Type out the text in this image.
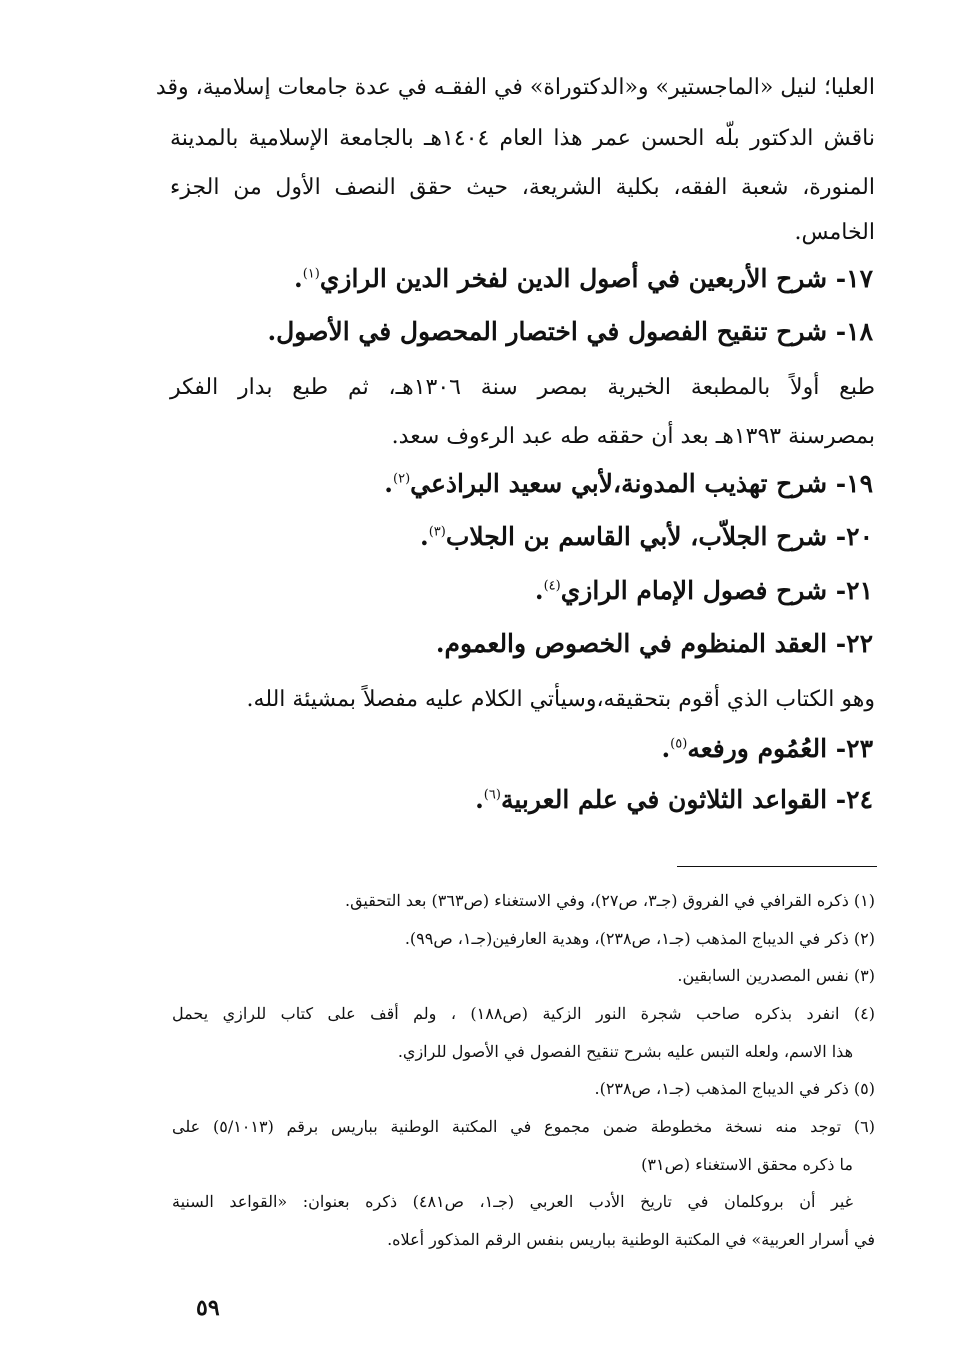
العليا؛ لنيل «الماجستير» و«الدكتوراة» في الفقـه في عدة جامعات إسلامية، وقد
ناقش الدكتور بلّه الحسن عمر هذا العام ١٤٠٤هـ بالجامعة الإسلامية بالمدينة
المنورة، شعبة الفقه، بكلية الشريعة، حيث حقق النصف الأول من الجزء
الخامس.
١٧- شرح الأربعين في أصول الدين لفخر الدين الرازي$^{(١)}$.
١٨- شرح تنقيح الفصول في اختصار المحصول في الأصول.
طبع أولاً بالمطبعة الخيرية بمصر سنة ١٣٠٦هـ، ثم طبع بدار الفكر
بمصرسنة ١٣٩٣هـ بعد أن حققه طه عبد الرءوف سعد.
١٩- شرح تهذيب المدونة،لأبي سعيد البراذعي$^{(٢)}$.
٢٠- شرح الجلاّب، لأبي القاسم بن الجلاب$^{(٣)}$.
٢١- شرح فصول الإمام الرازي$^{(٤)}$.
٢٢- العقد المنظوم في الخصوص والعموم.
وهو الكتاب الذي أقوم بتحقيقه،وسيأتي الكلام عليه مفصلاً بمشيئة الله.
٢٣- العُمُوم ورفعه$^{(٥)}$.
٢٤- القواعد الثلاثون في علم العربية$^{(٦)}$.
(١) ذكره القرافي في الفروق (جـ٣، ص٢٧)، وفي الاستغناء (ص٣٦٣) بعد التحقيق.
(٢) ذكر في الديباج المذهب (جـ١، ص٢٣٨)، وهدية العارفين(جـ١، ص٩٩).
(٣) نفس المصدرين السابقين.
(٤) انفرد بذكره صاحب شجرة النور الزكية (ص١٨٨) ، ولم أقف على كتاب للرازي يحمل
هذا الاسم، ولعله التبس عليه بشرح تنقيح الفصول في الأصول للرازي.
(٥) ذكر في الديباج المذهب (جـ١، ص٢٣٨).
(٦) توجد منه نسخة مخطوطة ضمن مجموع في المكتبة الوطنية بباريس برقم (٥/١٠١٣) على
ما ذكره محقق الاستغناء (ص٣١)
غير أن بروكلمان في تاريخ الأدب العربي (جـ١، ص٤٨١) ذكره بعنوان: «القواعد السنية
في أسرار العربية» في المكتبة الوطنية بباريس بنفس الرقم المذكور أعلاه.
٥٩
